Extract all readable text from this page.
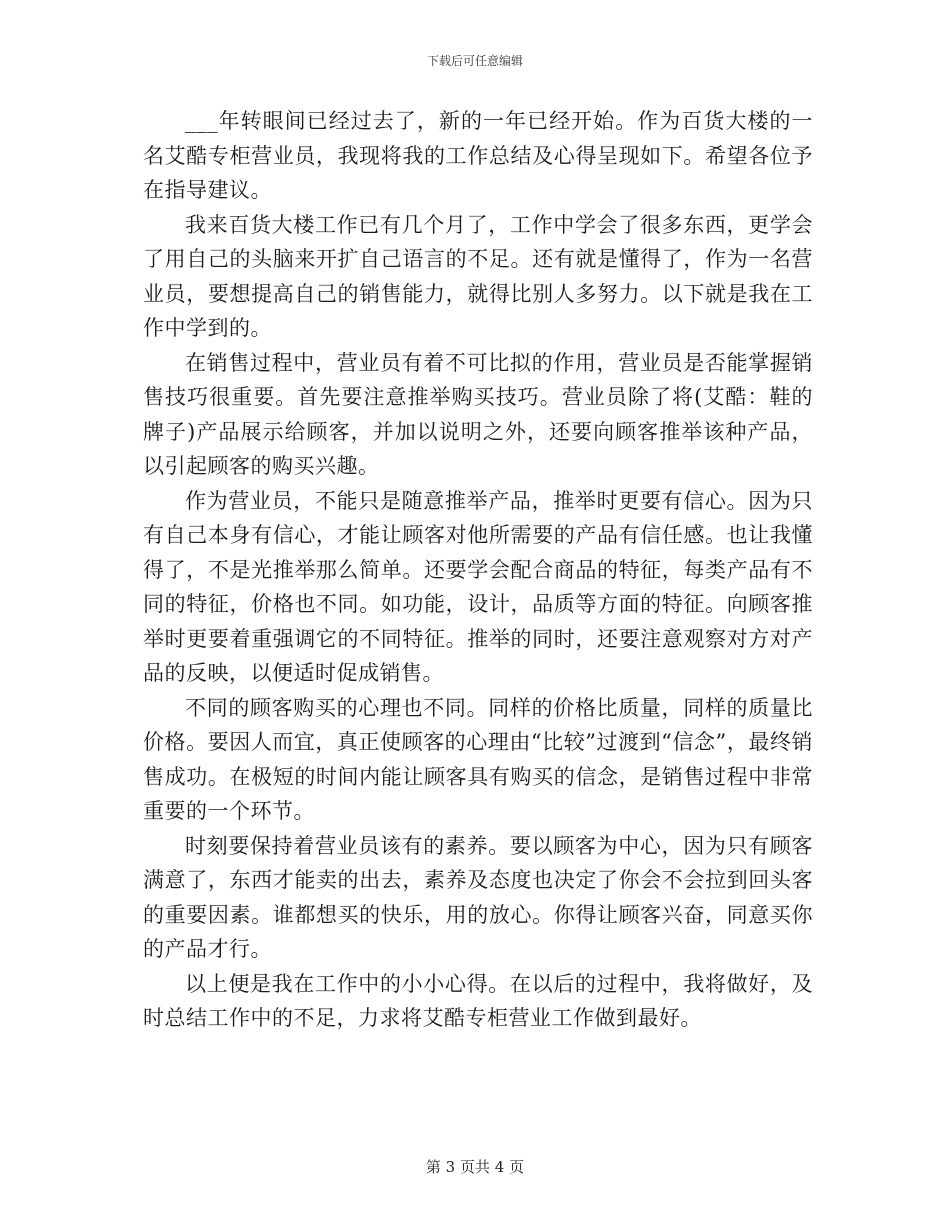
下载后可任意编辑

___年转眼间已经过去了，新的一年已经开始。作为百货大楼的一名艾酷专柜营业员，我现将我的工作总结及心得呈现如下。希望各位予在指导建议。

我来百货大楼工作已有几个月了，工作中学会了很多东西，更学会了用自己的头脑来开扩自己语言的不足。还有就是懂得了，作为一名营业员，要想提高自己的销售能力，就得比别人多努力。以下就是我在工作中学到的。

在销售过程中，营业员有着不可比拟的作用，营业员是否能掌握销售技巧很重要。首先要注意推举购买技巧。营业员除了将(艾酷：鞋的牌子)产品展示给顾客，并加以说明之外，还要向顾客推举该种产品，以引起顾客的购买兴趣。

作为营业员，不能只是随意推举产品，推举时更要有信心。因为只有自己本身有信心，才能让顾客对他所需要的产品有信任感。也让我懂得了，不是光推举那么简单。还要学会配合商品的特征，每类产品有不同的特征，价格也不同。如功能，设计，品质等方面的特征。向顾客推举时更要着重强调它的不同特征。推举的同时，还要注意观察对方对产品的反映，以便适时促成销售。

不同的顾客购买的心理也不同。同样的价格比质量，同样的质量比价格。要因人而宜，真正使顾客的心理由“比较”过渡到“信念”，最终销售成功。在极短的时间内能让顾客具有购买的信念，是销售过程中非常重要的一个环节。

时刻要保持着营业员该有的素养。要以顾客为中心，因为只有顾客满意了，东西才能卖的出去，素养及态度也决定了你会不会拉到回头客的重要因素。谁都想买的快乐，用的放心。你得让顾客兴奋，同意买你的产品才行。

以上便是我在工作中的小小心得。在以后的过程中，我将做好，及时总结工作中的不足，力求将艾酷专柜营业工作做到最好。

第 3 页共 4 页
